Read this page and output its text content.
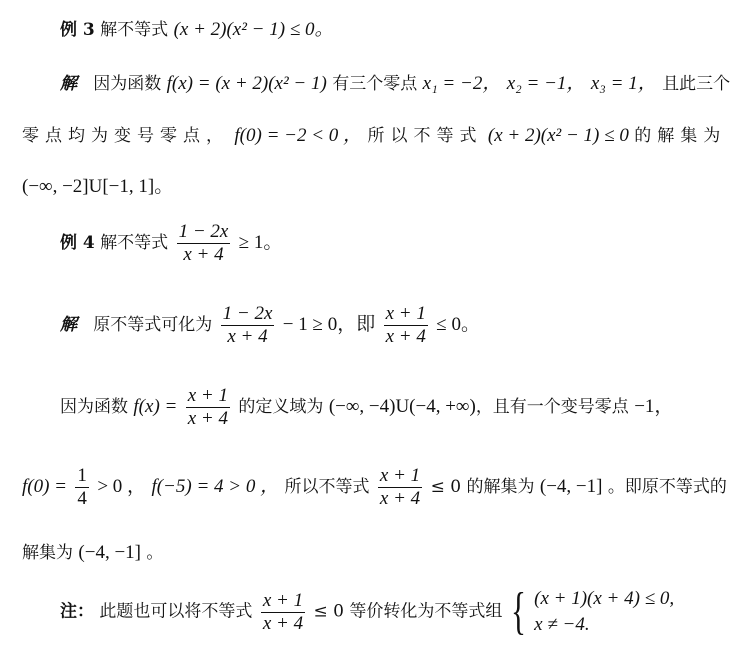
例 3 解不等式 (x + 2)(x² − 1) ≤ 0。
解 因为函数 f(x) = (x + 2)(x² − 1) 有三个零点 x₁ = −2， x₂ = −1， x₃ = 1， 且此三个
零点均为变号零点， f(0) = −2 < 0 ， 所以不等式 (x + 2)(x² − 1) ≤ 0 的解集为
(−∞, −2]U[−1, 1]。
例 4 解不等式 $\frac{1 - 2x}{x + 4} \ge 1$。
解 原不等式可化为 $\frac{1 - 2x}{x + 4} - 1 \ge 0$，即 $\frac{x + 1}{x + 4} \le 0$。
因为函数 $f(x) = \frac{x + 1}{x + 4}$ 的定义域为 (−∞, −4)U(−4, +∞)，且有一个变号零点 −1，
$f(0) = \frac{1}{4} > 0$ ， f(−5) = 4 > 0 ， 所以不等式 $\frac{x + 1}{x + 4} \le 0$ 的解集为 (−4, −1] 。即原不等式的
解集为 (−4, −1] 。
注： 此题也可以将不等式 $\frac{x + 1}{x + 4} \le 0$ 等价转化为不等式组 { (x + 1)(x + 4) ≤ 0,
x ≠ −4.
